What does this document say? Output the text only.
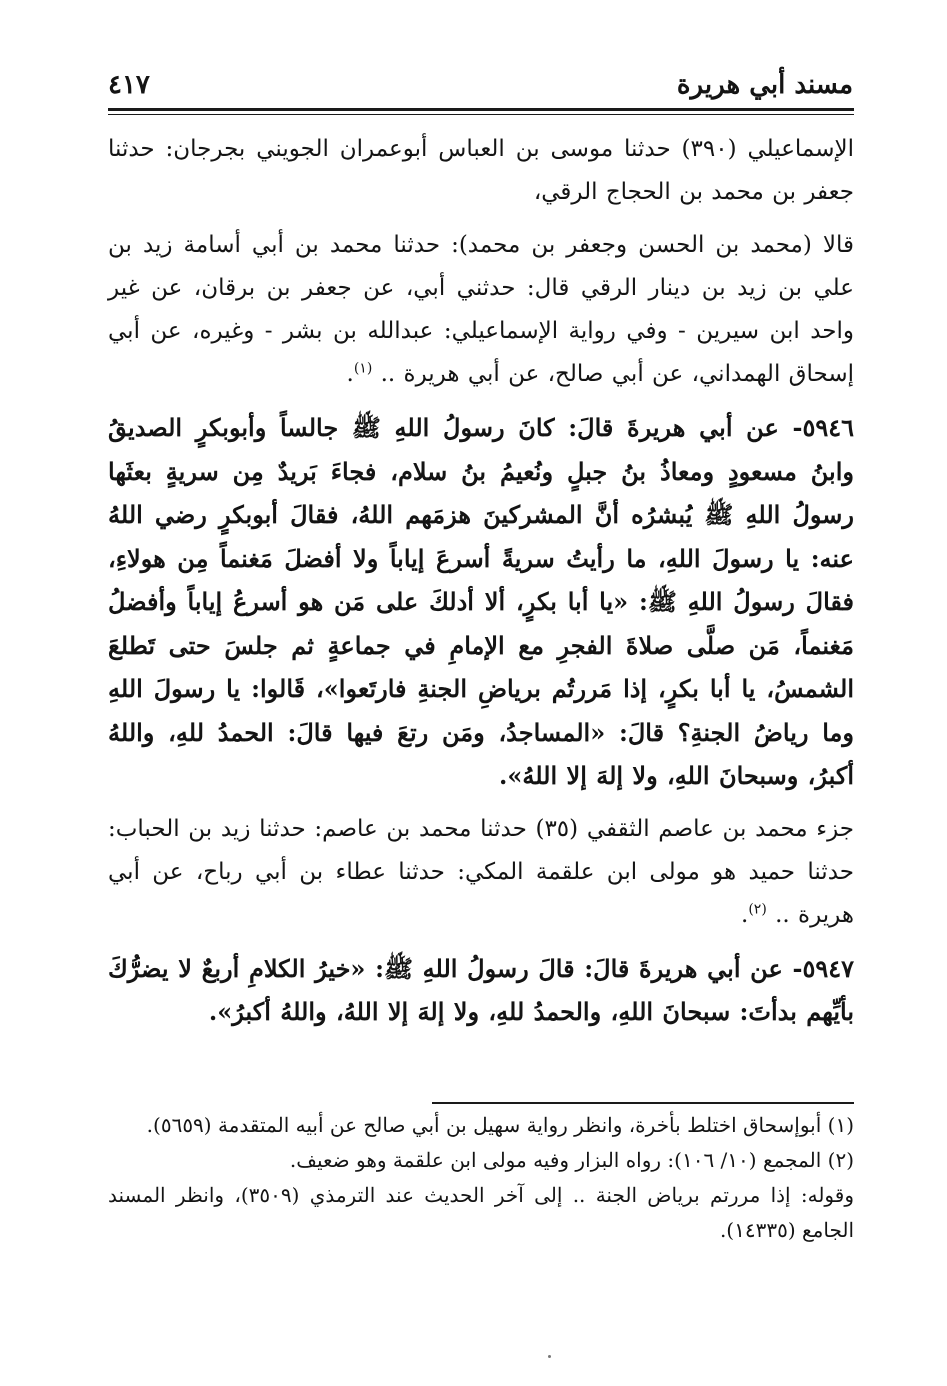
مسند أبي هريرة
٤١٧

الإسماعيلي (٣٩٠) حدثنا موسى بن العباس أبوعمران الجويني بجرجان: حدثنا جعفر بن محمد بن الحجاج الرقي،

قالا (محمد بن الحسن وجعفر بن محمد): حدثنا محمد بن أبي أسامة زيد بن علي بن زيد بن دينار الرقي قال: حدثني أبي، عن جعفر بن برقان، عن غير واحد ابن سيرين - وفي رواية الإسماعيلي: عبدالله بن بشر - وغيره، عن أبي إسحاق الهمداني، عن أبي صالح، عن أبي هريرة .. $^{(١)}$.

٥٩٤٦- عن أبي هريرةَ قالَ: كانَ رسولُ اللهِ ﷺ جالساً وأبوبكرٍ الصديقُ وابنُ مسعودٍ ومعاذُ بنُ جبلٍ ونُعيمُ بنُ سلام، فجاءَ بَريدٌ مِن سريةٍ بعثَها رسولُ اللهِ ﷺ يُبشرُه أنَّ المشركينَ هزمَهم اللهُ، فقالَ أبوبكرٍ رضي اللهُ عنه: يا رسولَ اللهِ، ما رأيتُ سريةً أسرعَ إياباً ولا أفضلَ مَغنماً مِن هولاءِ، فقالَ رسولُ اللهِ ﷺ: «يا أبا بكرٍ، ألا أدلكَ على مَن هو أسرعُ إياباً وأفضلُ مَغنماً، مَن صلَّى صلاةَ الفجرِ مع الإمامِ في جماعةٍ ثم جلسَ حتى تَطلعَ الشمسُ، يا أبا بكرٍ، إذا مَررتُم برياضِ الجنةِ فارتَعوا»، قَالوا: يا رسولَ اللهِ وما رياضُ الجنةِ؟ قالَ: «المساجدُ، ومَن رتعَ فيها قالَ: الحمدُ للهِ، واللهُ أكبرُ، وسبحانَ اللهِ، ولا إلهَ إلا اللهُ».

جزء محمد بن عاصم الثقفي (٣٥) حدثنا محمد بن عاصم: حدثنا زيد بن الحباب: حدثنا حميد هو مولى ابن علقمة المكي: حدثنا عطاء بن أبي رباح، عن أبي هريرة .. $^{(٢)}$.

٥٩٤٧- عن أبي هريرةَ قالَ: قالَ رسولُ اللهِ ﷺ: «خيرُ الكلامِ أربعٌ لا يضرُّكَ بأيِّهم بدأتَ: سبحانَ اللهِ، والحمدُ للهِ، ولا إلهَ إلا اللهُ، واللهُ أكبرُ».

(١) أبوإسحاق اختلط بأخرة، وانظر رواية سهيل بن أبي صالح عن أبيه المتقدمة (٥٦٥٩).
(٢) المجمع (١٠/ ١٠٦): رواه البزار وفيه مولى ابن علقمة وهو ضعيف.
وقوله: إذا مررتم برياض الجنة .. إلى آخر الحديث عند الترمذي (٣٥٠٩)، وانظر المسند الجامع (١٤٣٣٥).
